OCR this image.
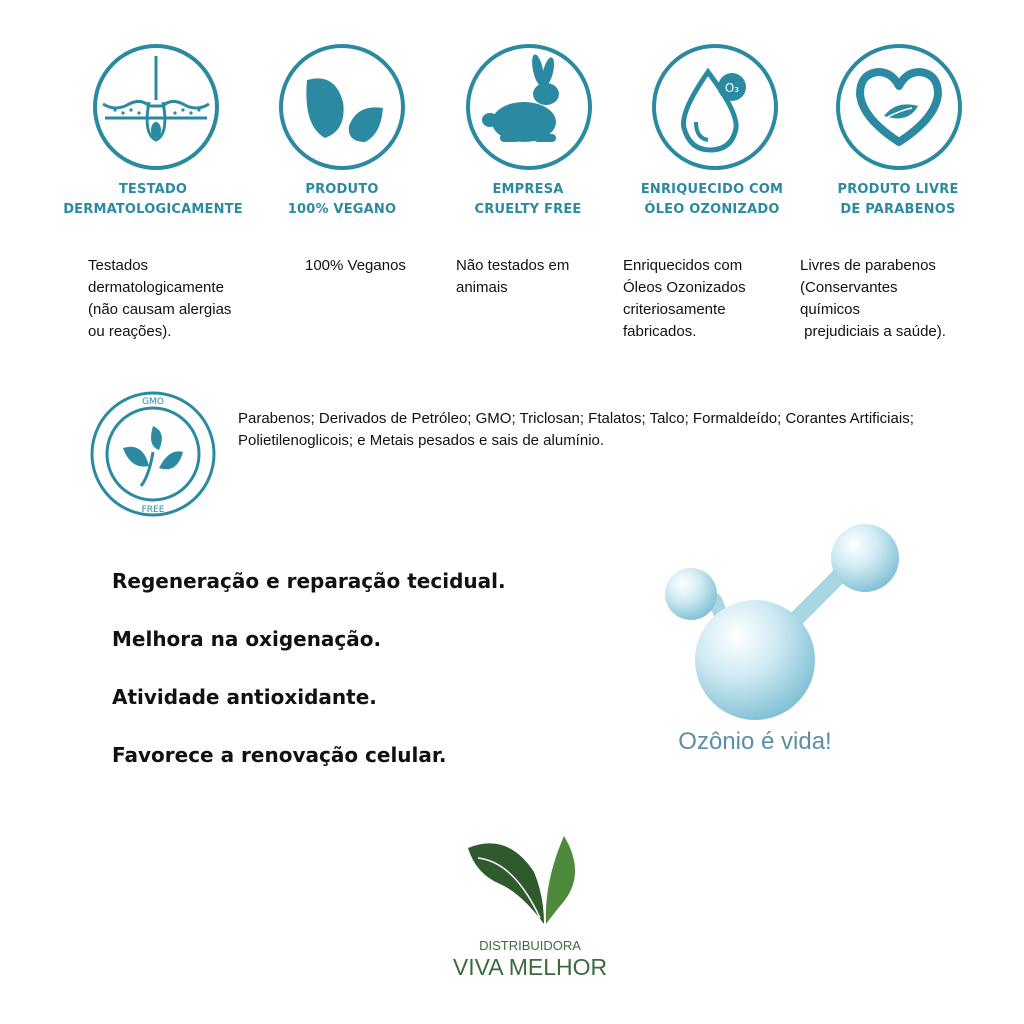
TESTADO
DERMATOLOGICAMENTE
Testados
dermatologicamente
(não causam alergias
ou reações).
PRODUTO
100% VEGANO
100% Veganos
EMPRESA
CRUELTY FREE
Não testados em
animais
O₃
ENRIQUECIDO COM
ÓLEO OZONIZADO
Enriquecidos com
Óleos Ozonizados
criteriosamente
fabricados.
PRODUTO LIVRE
DE PARABENOS
Livres de parabenos
(Conservantes
químicos
prejudiciais a saúde).
GMO
FREE
Parabenos; Derivados de Petróleo; GMO; Triclosan; Ftalatos; Talco; Formaldeído; Corantes Artificiais; Polietilenoglicois; e Metais pesados e sais de alumínio.
Regeneração e reparação tecidual.
Melhora na oxigenação.
Atividade antioxidante.
Favorece a renovação celular.	Ozônio é vida!
DISTRIBUIDORA
VIVA MELHOR
